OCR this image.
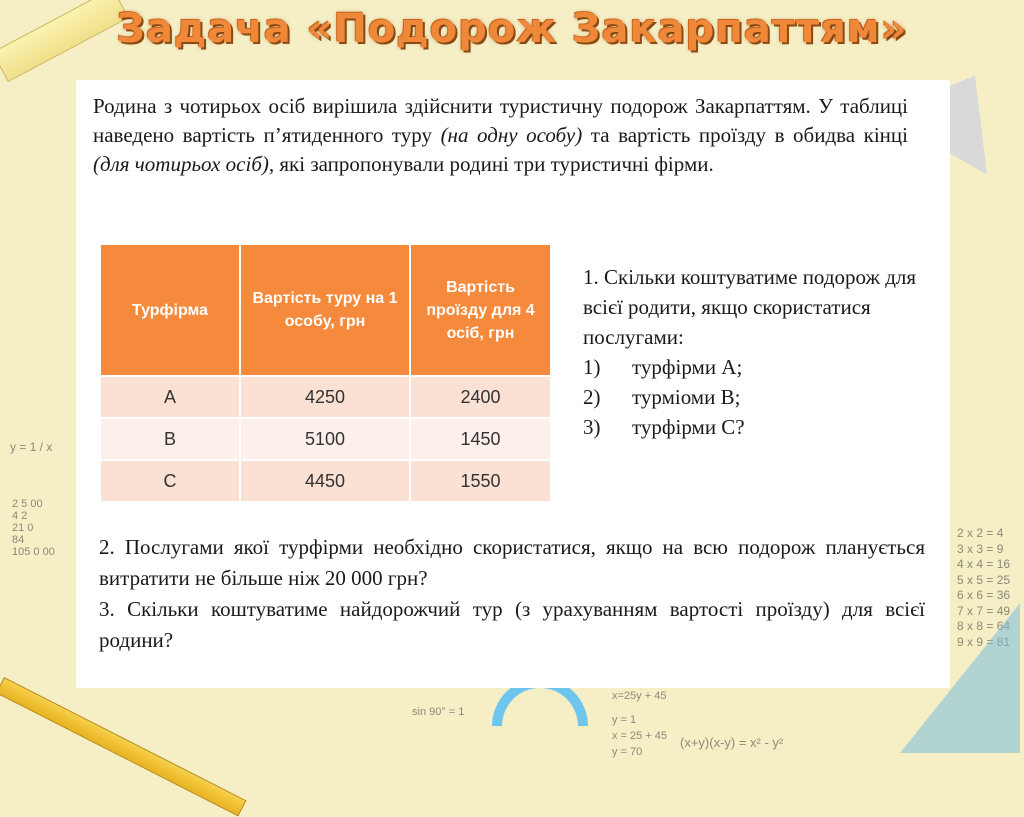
y = 1 / x
2 5 00
4 2
21 0
84
105 0 00
2 x 2 = 4
3 x 3 = 9
4 x 4 = 16
5 x 5 = 25
6 x 6 = 36
7 x 7 = 49
8 x 8 = 64
9 x 9 = 81
sin 90° = 1
x=25y + 45
y = 1
x = 25 + 45
y = 70
(x+y)(x-y) = x² - y²
Задача «Подорож Закарпаттям»
Родина з чотирьох осіб вирішила здійснити туристичну подорож Закарпаттям. У таблиці наведено вартість п’ятиденного туру (на одну особу) та вартість проїзду в обидва кінці (для чотирьох осіб), які запропонували родині три туристичні фірми.
Турфірма	Вартість туру на 1 особу, грн	Вартість проїзду для 4 осіб, грн
A	4250	2400
B	5100	1450
C	4450	1550
1. Скільки коштуватиме подорож для всієї родити, якщо скористатися послугами:
1)	турфірми А;
2)	турміоми В;
3)	турфірми С?
2. Послугами якої турфірми необхідно скористатися, якщо на всю подорож планується витратити не більше ніж 20 000 грн?
3. Скільки коштуватиме найдорожчий тур (з урахуванням вартості проїзду) для всієї родини?
